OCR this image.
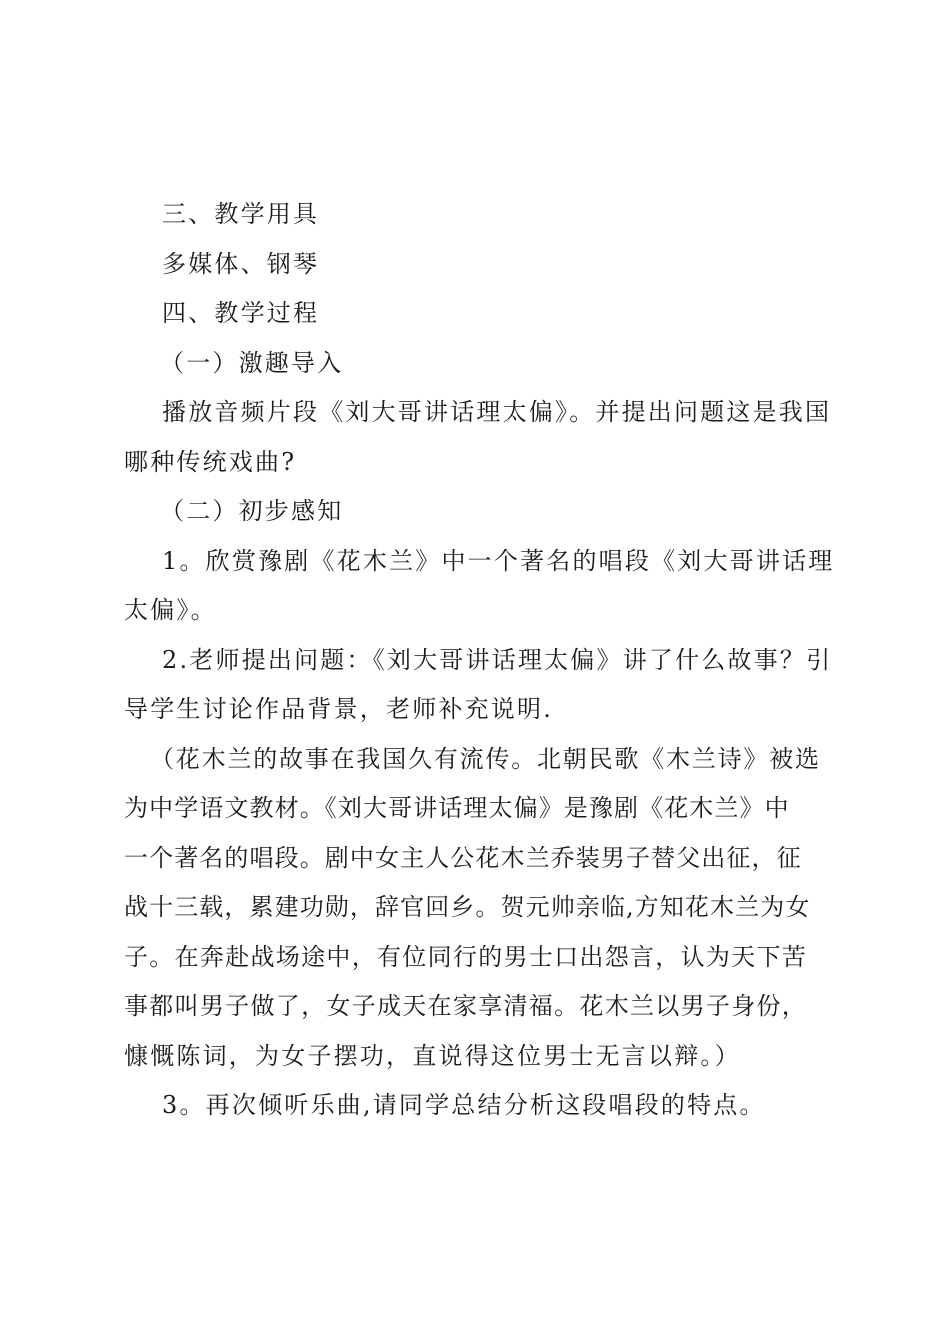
三、教学用具
多媒体、钢琴
四、教学过程
（一）激趣导入
播放音频片段《刘大哥讲话理太偏》。并提出问题这是我国
哪种传统戏曲?
（二）初步感知
1。欣赏豫剧《花木兰》中一个著名的唱段《刘大哥讲话理
太偏》。
2.老师提出问题：《刘大哥讲话理太偏》讲了什么故事？引
导学生讨论作品背景，老师补充说明.
（花木兰的故事在我国久有流传。北朝民歌《木兰诗》被选
为中学语文教材。《刘大哥讲话理太偏》是豫剧《花木兰》中
一个著名的唱段。剧中女主人公花木兰乔装男子替父出征，征
战十三载，累建功勋，辞官回乡。贺元帅亲临,方知花木兰为女
子。在奔赴战场途中，有位同行的男士口出怨言，认为天下苦
事都叫男子做了，女子成天在家享清福。花木兰以男子身份，
慷慨陈词，为女子摆功，直说得这位男士无言以辩。）
3。再次倾听乐曲,请同学总结分析这段唱段的特点。
